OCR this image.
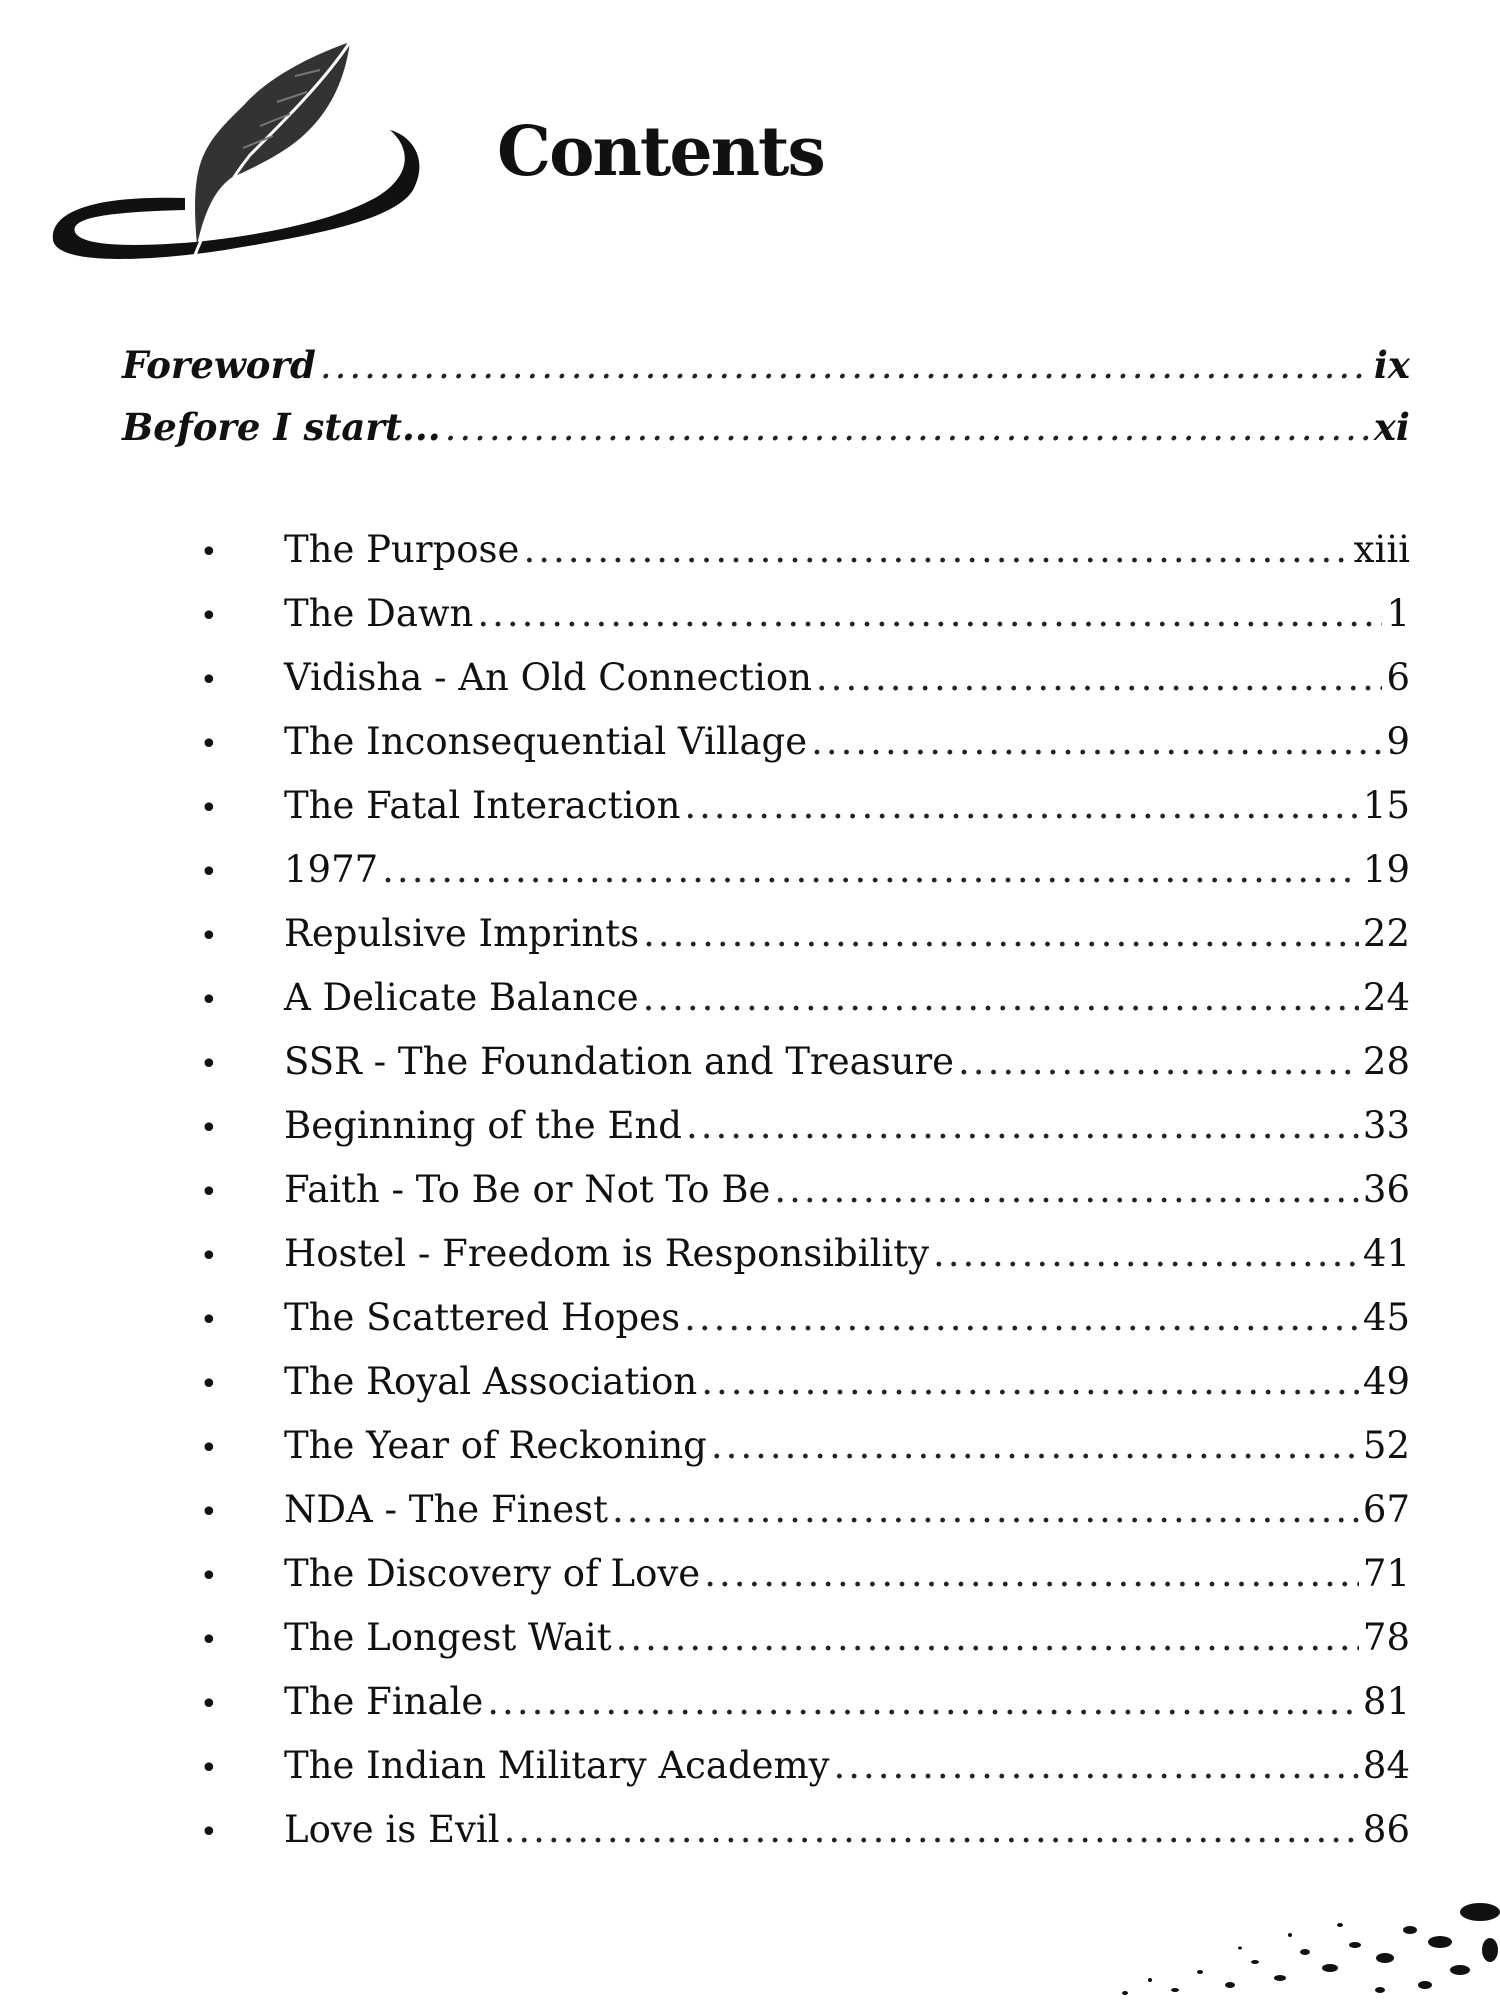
Contents
Foreword .....	ix
Before I start... .....	xi
•	The Purpose .....	xiii
•	The Dawn .....	1
•	Vidisha - An Old Connection .....	6
•	The Inconsequential Village .....	9
•	The Fatal Interaction .....	15
•	1977 .....	19
•	Repulsive Imprints .....	22
•	A Delicate Balance .....	24
•	SSR - The Foundation and Treasure .....	28
•	Beginning of the End .....	33
•	Faith - To Be or Not To Be .....	36
•	Hostel - Freedom is Responsibility .....	41
•	The Scattered Hopes .....	45
•	The Royal Association .....	49
•	The Year of Reckoning .....	52
•	NDA - The Finest .....	67
•	The Discovery of Love .....	71
•	The Longest Wait .....	78
•	The Finale .....	81
•	The Indian Military Academy .....	84
•	Love is Evil .....	86
